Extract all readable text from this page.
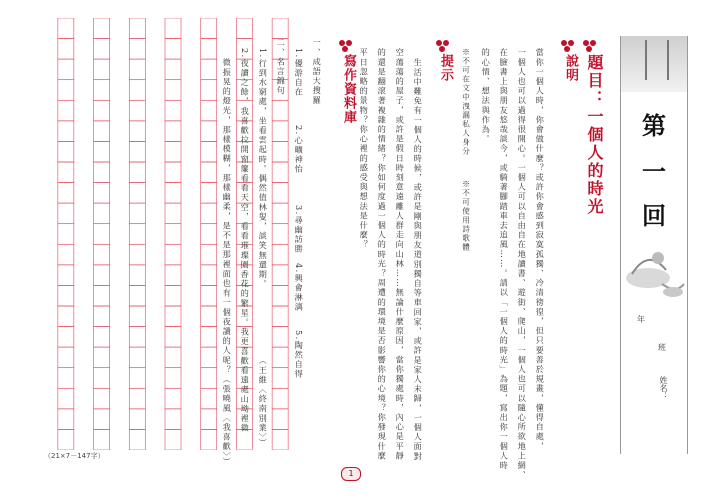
（21×7－147字）
題目：一個人的時光
說明
當你一個人時，你會做什麼？或許你會感到寂寞孤獨、冷清徬徨，但只要善於規畫，懂得自處，
一個人也可以過得很開心。一個人可以自由自在地讀書、遊街、爬山，一個人也可以隨心所欲地上網、
在臉書上與朋友悠哉談今，或騎著腳踏車去追風……。請以「一個人的時光」為題，寫出你一個人時
的心情、想法與作為。
※不可在文中洩漏私人身分
※不可使用詩歌體
提示
生活中難免有一個人的時候，或許是剛與朋友道別獨自等車回家，或許是家人未歸，一個人面對
空蕩蕩的屋子，或許是假日時刻意遠離人群走向山林……無論什麼原因，當你獨處時，內心是平靜
的還是翻滾著複雜的情緒？你如何度過一個人的時光？周遭的環境是否影響你的心境？你發現什麼
平日忽略的景物？你心裡的感受與想法是什麼？
寫作資料庫
一、成語大搜羅
1.優游自在
2.心曠神怡
3.尋幽訪勝
4.興會淋漓
5.陶然自得
二、名言錦句
1.行到水窮處，坐看雲起時。偶然值林叟，談笑無還期。
（王維〈終南別業〉）
2.夜讀之餘，我喜歡拉開窗簾看看天空，看看璀璨圍香花的繁星。我更喜歡看遠處山坳裡微
微振晃的燈光，那樣模糊，那樣幽柔，是不是那裡面也有一個夜讀的人呢？（張曉風〈我喜歡〉）	第
一
回
年
班
姓名：
1
